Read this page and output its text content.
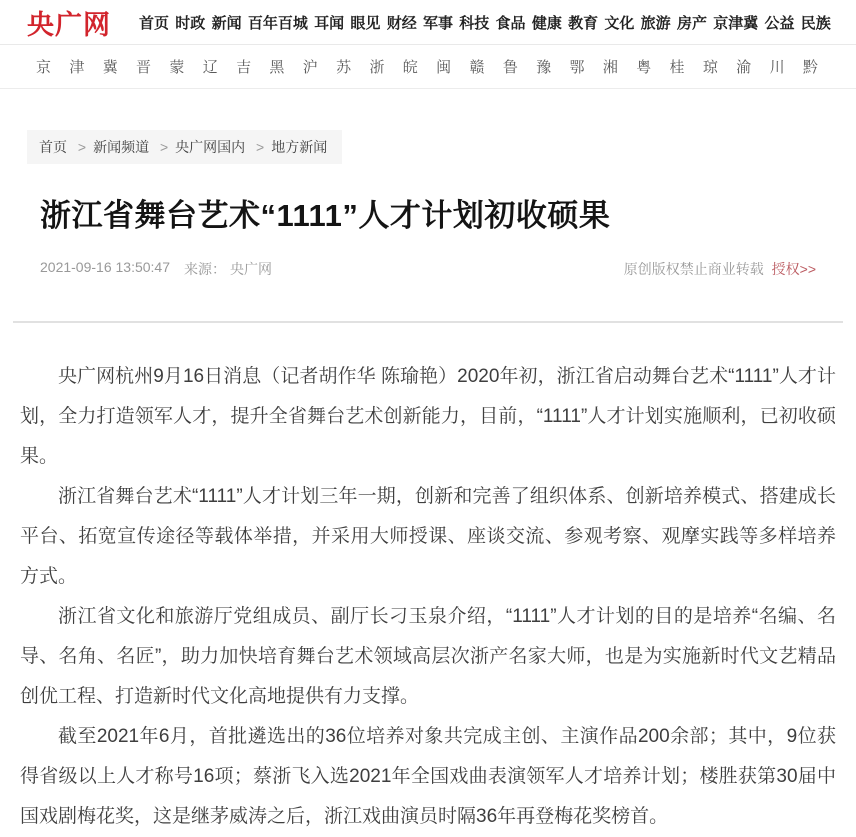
央广网 首页 时政 新闻 百年百城 耳闻 眼见 财经 军事 科技 食品 健康 教育 文化 旅游 房产 京津冀 公益 民族
京 津 冀 晋 蒙 辽 吉 黑 沪 苏 浙 皖 闽 赣 鲁 豫 鄂 湘 粤 桂 琼 渝 川 黔
首页 > 新闻频道 > 央广网国内 > 地方新闻
浙江省舞台艺术“1111”人才计划初收硕果
2021-09-16 13:50:47 来源： 央广网	原创版权禁止商业转载 授权>>

央广网杭州9月16日消息（记者胡作华 陈瑜艳）2020年初，浙江省启动舞台艺术“1111”人才计划，全力打造领军人才，提升全省舞台艺术创新能力，目前，“1111”人才计划实施顺利，已初收硕果。

浙江省舞台艺术“1111”人才计划三年一期，创新和完善了组织体系、创新培养模式、搭建成长平台、拓宽宣传途径等载体举措，并采用大师授课、座谈交流、参观考察、观摩实践等多样培养方式。

浙江省文化和旅游厅党组成员、副厅长刁玉泉介绍，“1111”人才计划的目的是培养“名编、名导、名角、名匠”，助力加快培育舞台艺术领域高层次浙产名家大师，也是为实施新时代文艺精品创优工程、打造新时代文化高地提供有力支撑。

截至2021年6月，首批遴选出的36位培养对象共完成主创、主演作品200余部；其中，9位获得省级以上人才称号16项；蔡浙飞入选2021年全国戏曲表演领军人才培养计划；楼胜获第30届中国戏剧梅花奖，这是继茅威涛之后，浙江戏曲演员时隔36年再登梅花奖榜首。
